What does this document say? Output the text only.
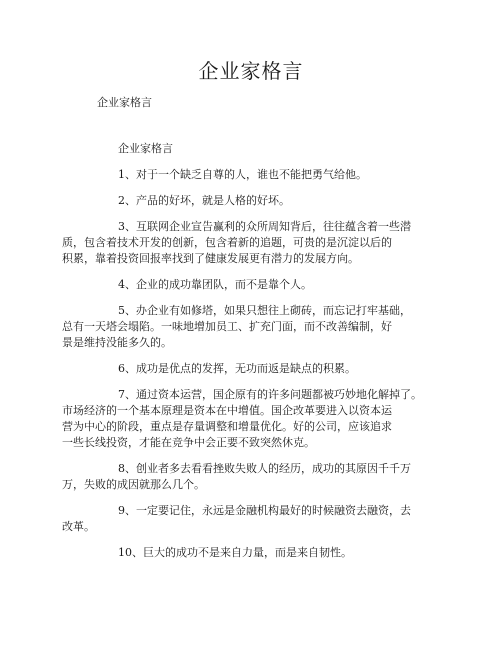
企业家格言

企业家格言

企业家格言

1、对于一个缺乏自尊的人，谁也不能把勇气给他。

2、产品的好坏，就是人格的好坏。

3、互联网企业宣告赢利的众所周知背后，往往蕴含着一些潜
质，包含着技术开发的创新，包含着新的追题，可贵的是沉淀以后的
积累，靠着投资回报率找到了健康发展更有潜力的发展方向。

4、企业的成功靠团队，而不是靠个人。

5、办企业有如修塔，如果只想往上砌砖，而忘记打牢基础，
总有一天塔会塌陷。一味地增加员工、扩充门面，而不改善编制，好
景是维持没能多久的。

6、成功是优点的发挥，无功而返是缺点的积累。

7、通过资本运营，国企原有的许多问题都被巧妙地化解掉了。
市场经济的一个基本原理是资本在中增值。国企改革要进入以资本运
营为中心的阶段，重点是存量调整和增量优化。好的公司，应该追求
一些长线投资，才能在竞争中会正要不致突然休克。

8、创业者多去看看挫败失败人的经历，成功的其原因千千万
万，失败的成因就那么几个。

9、一定要记住，永远是金融机构最好的时候融资去融资，去
改革。

10、巨大的成功不是来自力量，而是来自韧性。
